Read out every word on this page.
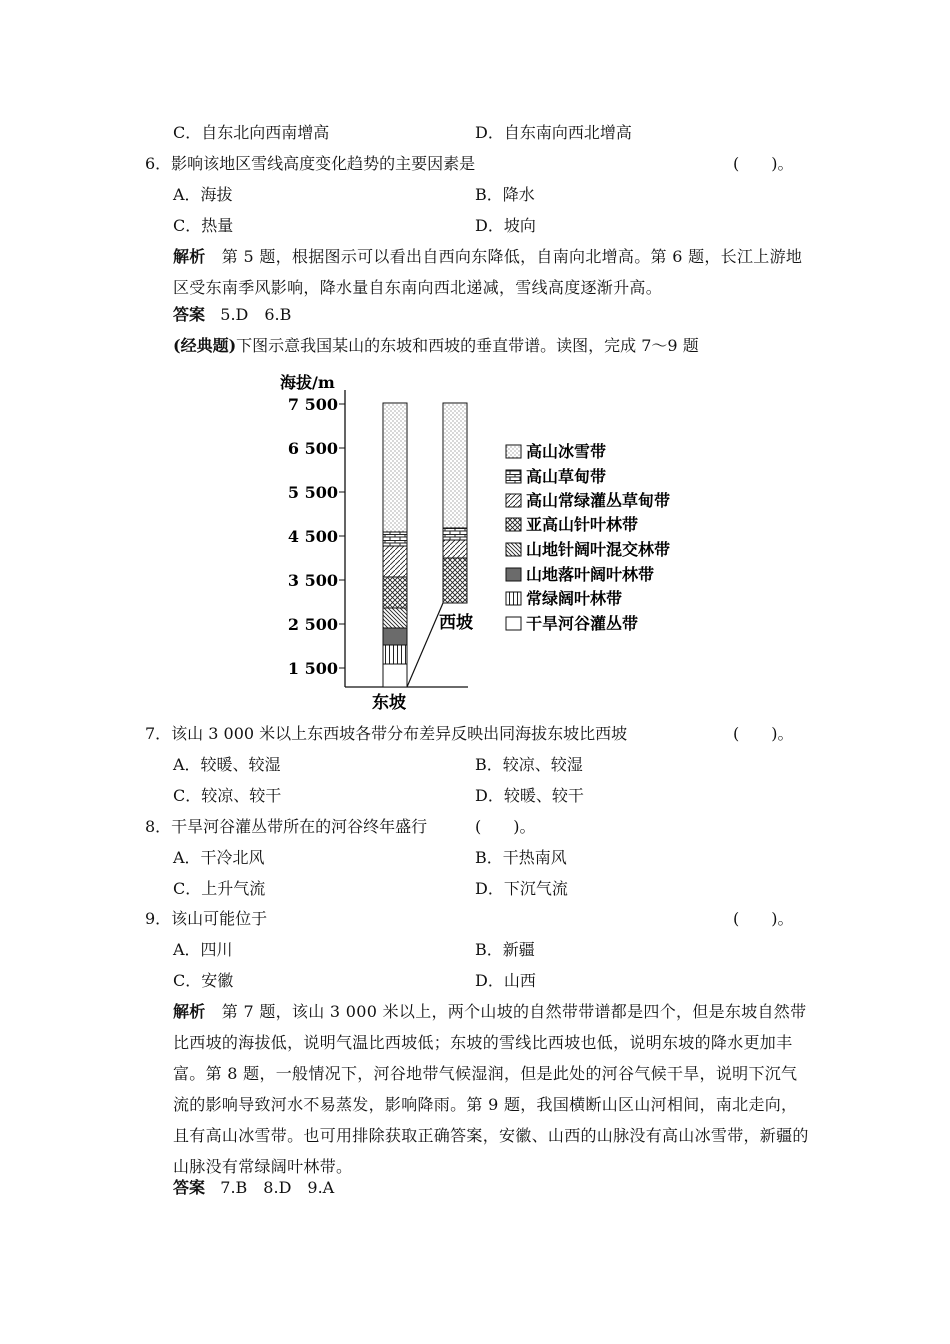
C．自东北向西南增高	D．自东南向西北增高
6．影响该地区雪线高度变化趋势的主要因素是	(　　)。
A．海拔	B．降水
C．热量	D．坡向
解析 第 5 题，根据图示可以看出自西向东降低，自南向北增高。第 6 题，长江上游地区受东南季风影响，降水量自东南向西北递减，雪线高度逐渐升高。
答案 5.D　6.B
(经典题)下图示意我国某山的东坡和西坡的垂直带谱。读图，完成 7～9 题
海拔/m
7 500
6 500
5 500
4 500
3 500
2 500
1 500
东坡
西坡
高山冰雪带
高山草甸带
高山常绿灌丛草甸带
亚高山针叶林带
山地针阔叶混交林带
山地落叶阔叶林带
常绿阔叶林带
干旱河谷灌丛带
7．该山 3 000 米以上东西坡各带分布差异反映出同海拔东坡比西坡	(　　)。
A．较暖、较湿	B．较凉、较湿
C．较凉、较干	D．较暖、较干
8．干旱河谷灌丛带所在的河谷终年盛行	(　　)。
A．干冷北风	B．干热南风
C．上升气流	D．下沉气流
9．该山可能位于	(　　)。
A．四川	B．新疆
C．安徽	D．山西
解析 第 7 题，该山 3 000 米以上，两个山坡的自然带带谱都是四个，但是东坡自然带比西坡的海拔低，说明气温比西坡低；东坡的雪线比西坡也低，说明东坡的降水更加丰富。第 8 题，一般情况下，河谷地带气候湿润，但是此处的河谷气候干旱，说明下沉气流的影响导致河水不易蒸发，影响降雨。第 9 题，我国横断山区山河相间，南北走向，且有高山冰雪带。也可用排除获取正确答案，安徽、山西的山脉没有高山冰雪带，新疆的山脉没有常绿阔叶林带。
答案 7.B　8.D　9.A
